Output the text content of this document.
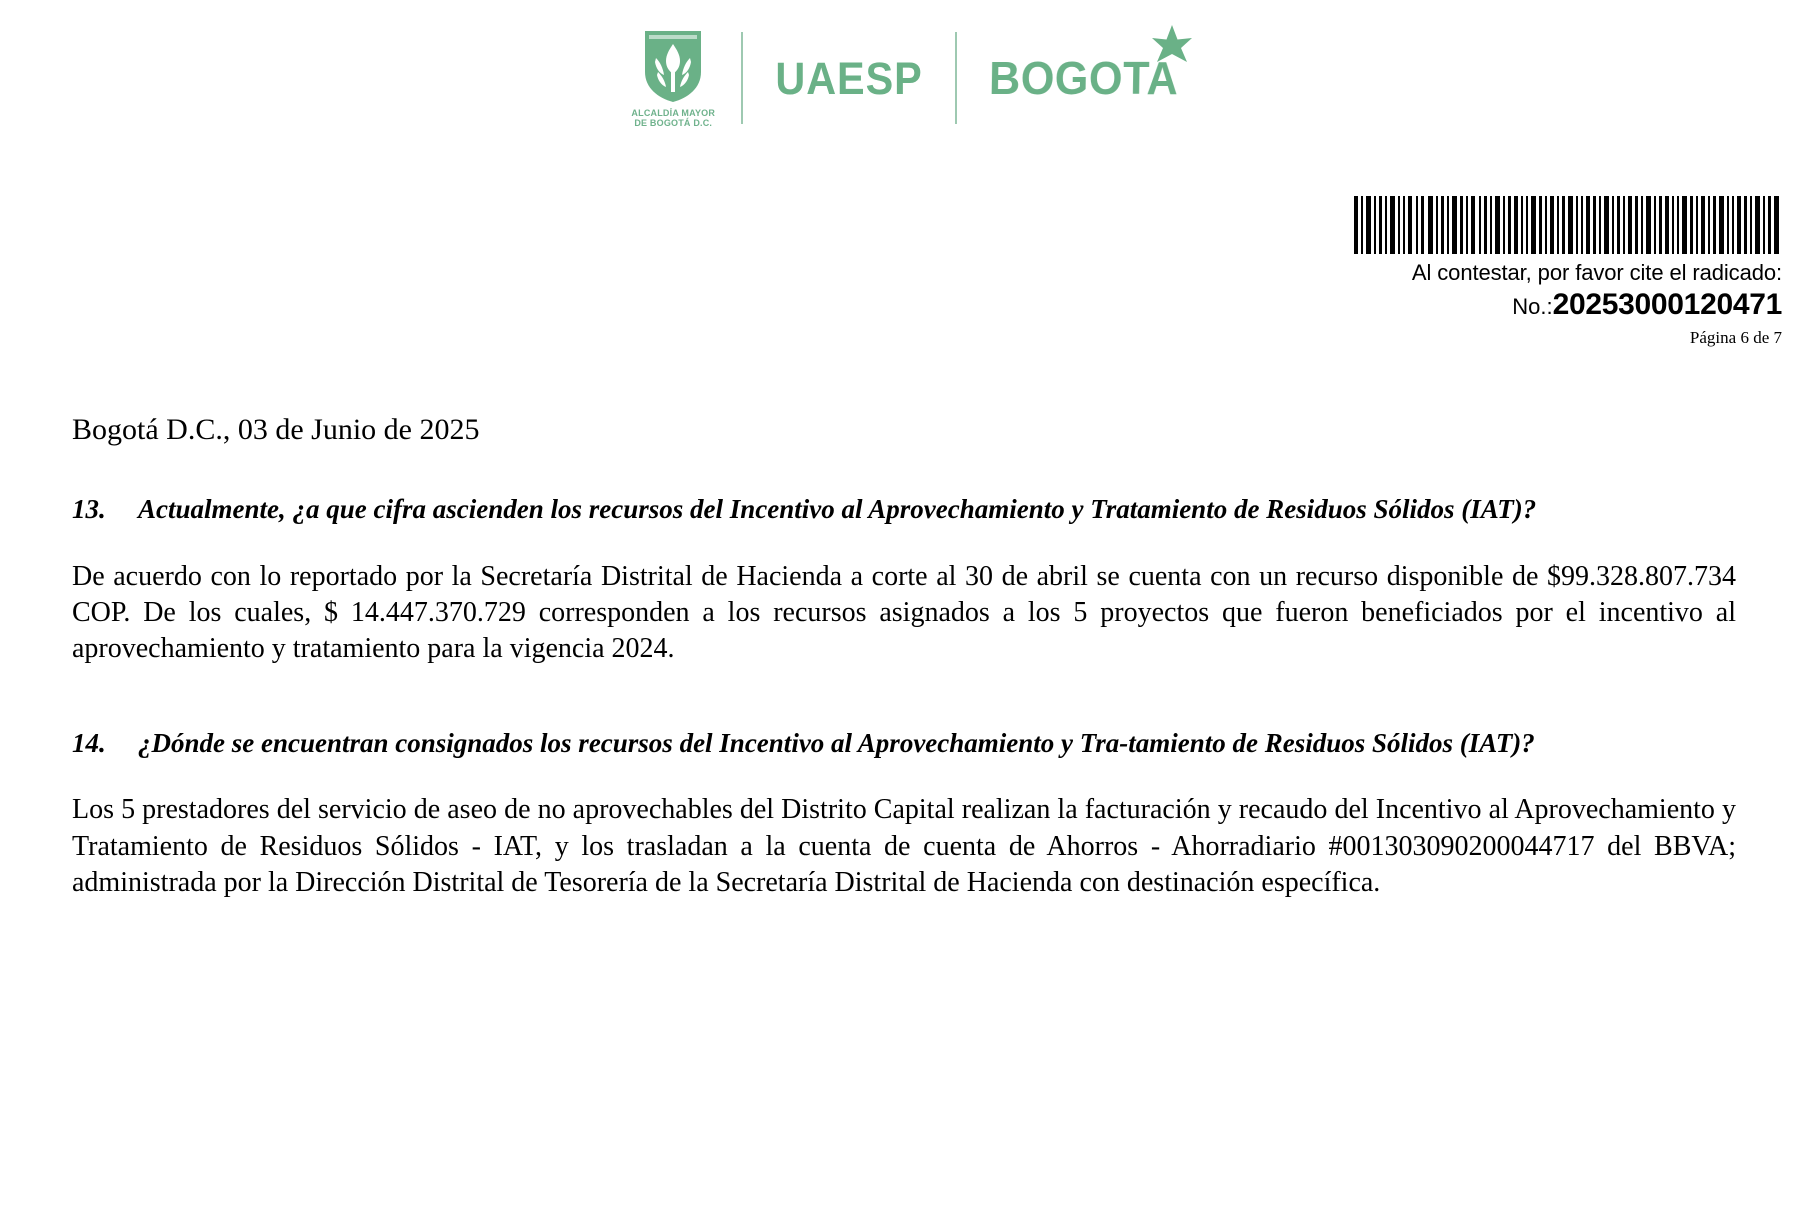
ALCALDÍA MAYOR
DE BOGOTÁ D.C.
UAESP	BOGOTA
Al contestar, por favor cite el radicado:
No.:20253000120471
Página 6 de 7
Bogotá D.C., 03 de Junio de 2025
13.	Actualmente, ¿a que cifra ascienden los recursos del Incentivo al Aprovechamiento y Tratamiento de Residuos Sólidos (IAT)?
De acuerdo con lo reportado por la Secretaría Distrital de Hacienda a corte al 30 de abril se cuenta con un recurso disponible de $99.328.807.734 COP. De los cuales, $ 14.447.370.729 corresponden a los recursos asignados a los 5 proyectos que fueron beneficiados por el incentivo al aprovechamiento y tratamiento para la vigencia 2024.
14.	¿Dónde se encuentran consignados los recursos del Incentivo al Aprovechamiento y Tra-tamiento de Residuos Sólidos (IAT)?
Los 5 prestadores del servicio de aseo de no aprovechables del Distrito Capital realizan la facturación y recaudo del Incentivo al Aprovechamiento y Tratamiento de Residuos Sólidos - IAT, y los trasladan a la cuenta de cuenta de Ahorros - Ahorradiario #001303090200044717 del BBVA; administrada por la Dirección Distrital de Tesorería de la Secretaría Distrital de Hacienda con destinación específica.
